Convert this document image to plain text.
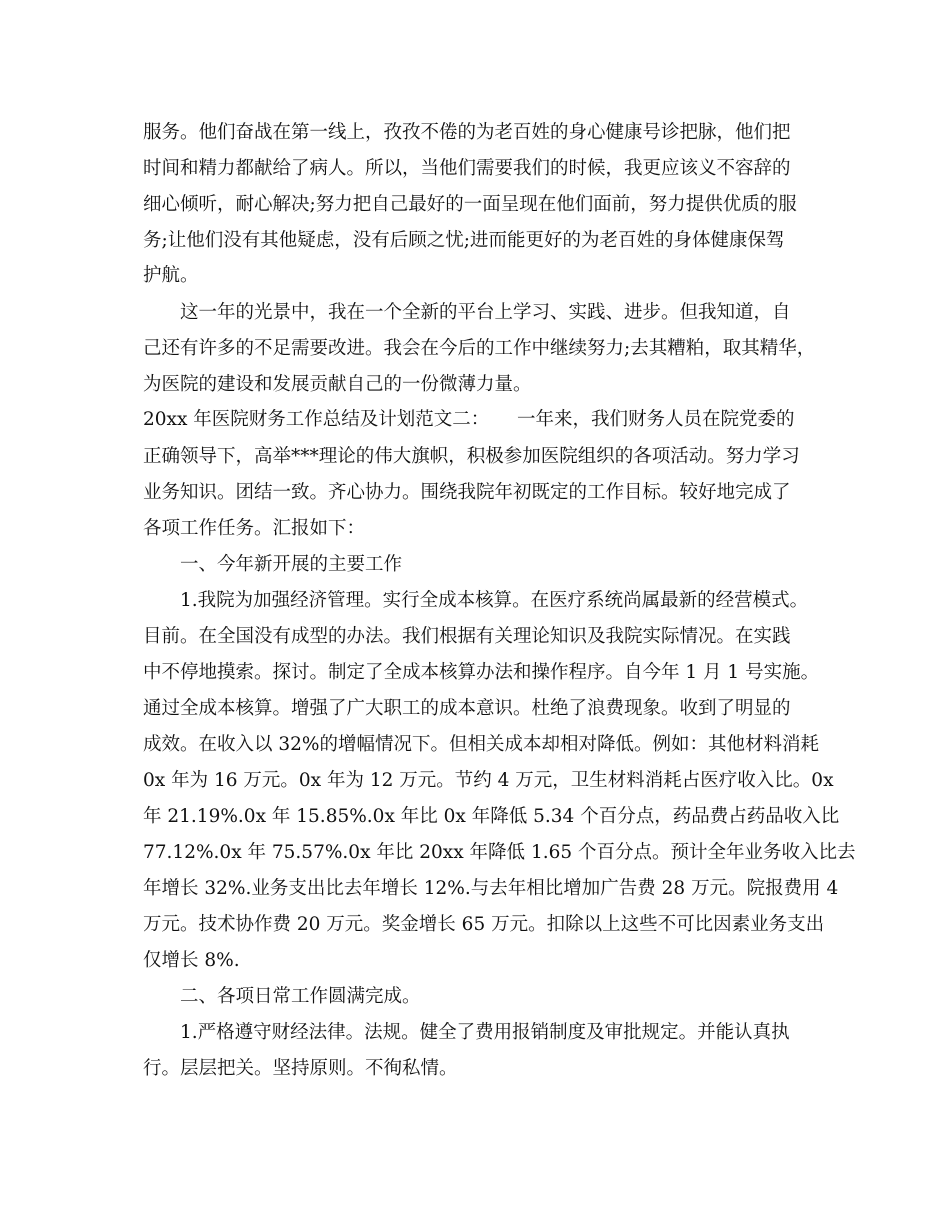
服务。他们奋战在第一线上，孜孜不倦的为老百姓的身心健康号诊把脉，他们把
时间和精力都献给了病人。所以，当他们需要我们的时候，我更应该义不容辞的
细心倾听，耐心解决;努力把自己最好的一面呈现在他们面前，努力提供优质的服
务;让他们没有其他疑虑，没有后顾之忧;进而能更好的为老百姓的身体健康保驾
护航。
这一年的光景中，我在一个全新的平台上学习、实践、进步。但我知道，自
己还有许多的不足需要改进。我会在今后的工作中继续努力;去其糟粕，取其精华，
为医院的建设和发展贡献自己的一份微薄力量。
20xx 年医院财务工作总结及计划范文二：　　一年来，我们财务人员在院党委的
正确领导下，高举***理论的伟大旗帜，积极参加医院组织的各项活动。努力学习
业务知识。团结一致。齐心协力。围绕我院年初既定的工作目标。较好地完成了
各项工作任务。汇报如下：
一、今年新开展的主要工作
1.我院为加强经济管理。实行全成本核算。在医疗系统尚属最新的经营模式。
目前。在全国没有成型的办法。我们根据有关理论知识及我院实际情况。在实践
中不停地摸索。探讨。制定了全成本核算办法和操作程序。自今年 1 月 1 号实施。
通过全成本核算。增强了广大职工的成本意识。杜绝了浪费现象。收到了明显的
成效。在收入以 32%的增幅情况下。但相关成本却相对降低。例如：其他材料消耗
0x 年为 16 万元。0x 年为 12 万元。节约 4 万元，卫生材料消耗占医疗收入比。0x
年 21.19%.0x 年 15.85%.0x 年比 0x 年降低 5.34 个百分点，药品费占药品收入比
77.12%.0x 年 75.57%.0x 年比 20xx 年降低 1.65 个百分点。预计全年业务收入比去
年增长 32%.业务支出比去年增长 12%.与去年相比增加广告费 28 万元。院报费用 4
万元。技术协作费 20 万元。奖金增长 65 万元。扣除以上这些不可比因素业务支出
仅增长 8%.
二、各项日常工作圆满完成。
1.严格遵守财经法律。法规。健全了费用报销制度及审批规定。并能认真执
行。层层把关。坚持原则。不徇私情。
